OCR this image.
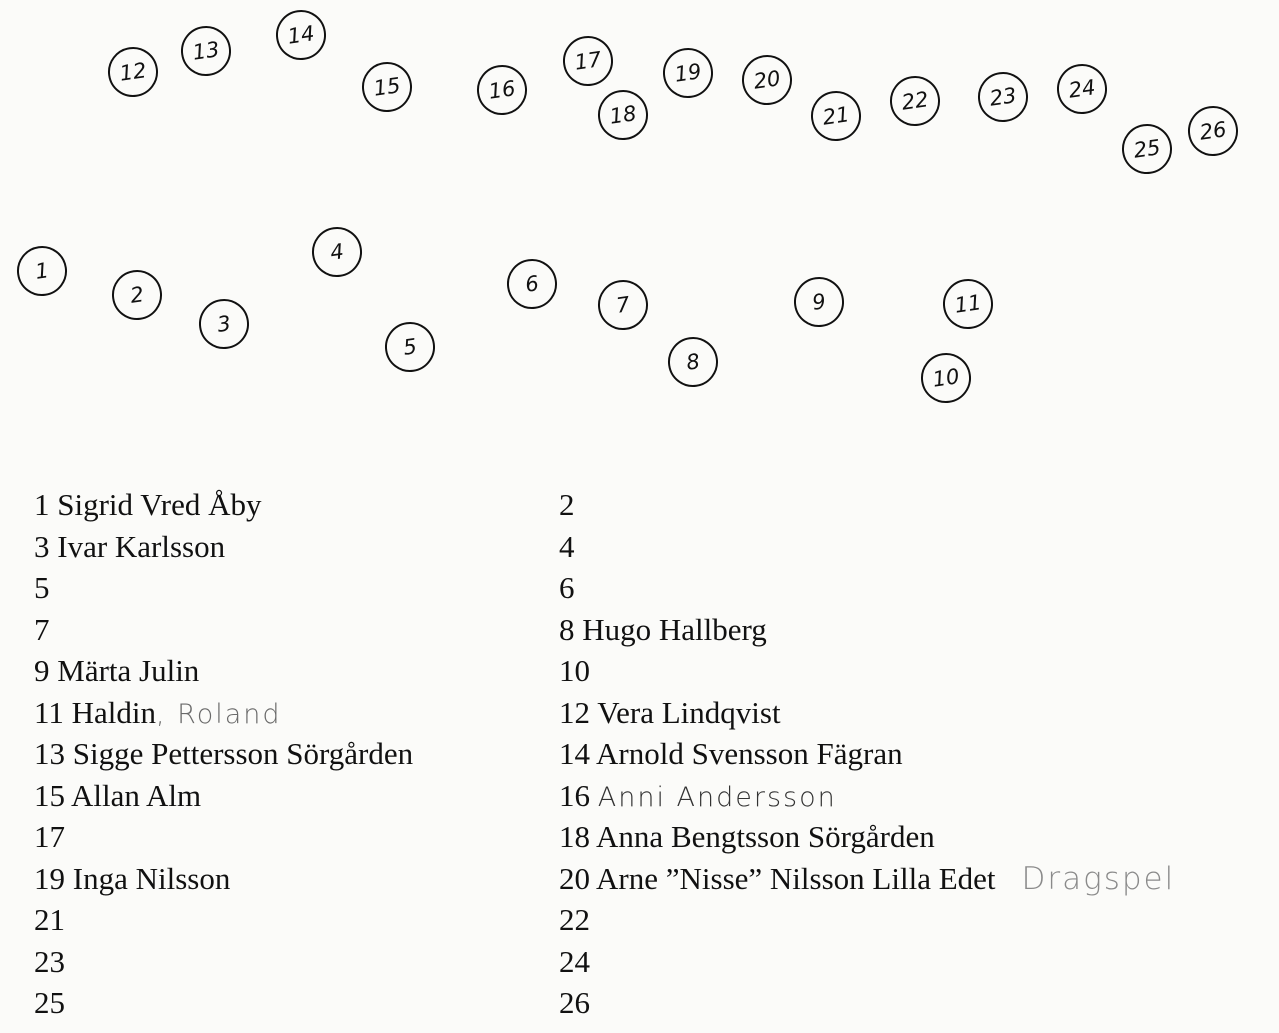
1
2
3
4
5
6
7
8
9
10
11
12
13
14
15	16
17
18
19	20
21
22	23	24
25
26
1 Sigrid Vred Åby	2
3 Ivar Karlsson	4
5	6
7	8 Hugo Hallberg
9 Märta Julin	10
11 Haldin, Roland	12 Vera Lindqvist
13 Sigge Pettersson Sörgården	14 Arnold Svensson Fägran
15 Allan Alm	16 Anni Andersson
17	18 Anna Bengtsson Sörgården
19 Inga Nilsson	20 Arne ”Nisse” Nilsson Lilla Edet Dragspel
21	22
23	24
25	26
